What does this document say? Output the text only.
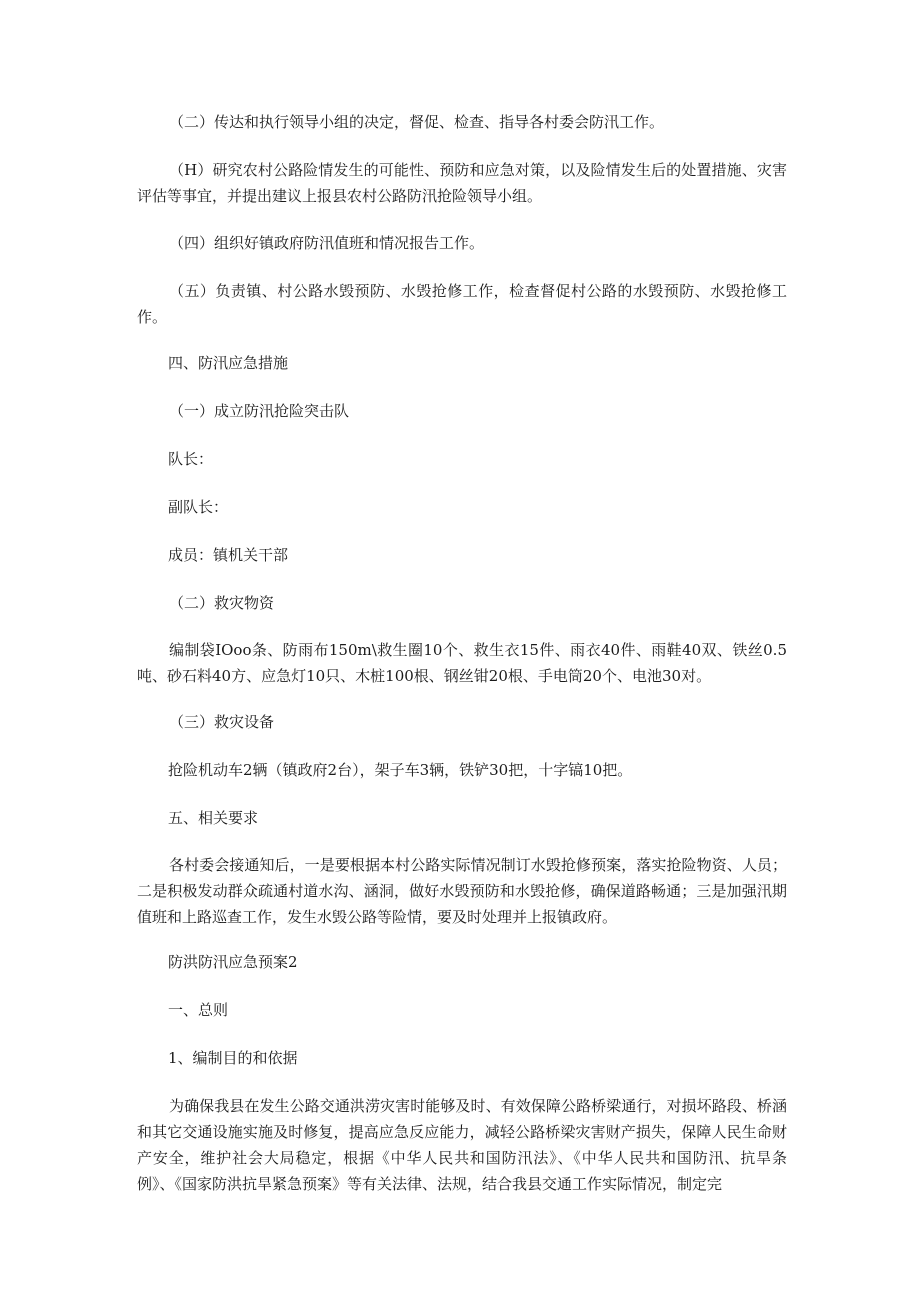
（二）传达和执行领导小组的决定，督促、检查、指导各村委会防汛工作。

（H）研究农村公路险情发生的可能性、预防和应急对策，以及险情发生后的处置措施、灾害评估等事宜，并提出建议上报县农村公路防汛抢险领导小组。

（四）组织好镇政府防汛值班和情况报告工作。

（五）负责镇、村公路水毁预防、水毁抢修工作，检查督促村公路的水毁预防、水毁抢修工作。

四、防汛应急措施

（一）成立防汛抢险突击队

队长：

副队长：

成员：镇机关干部

（二）救灾物资

编制袋IOoo条、防雨布150m\救生圈10个、救生衣15件、雨衣40件、雨鞋40双、铁丝0.5吨、砂石料40方、应急灯10只、木桩100根、钢丝钳20根、手电筒20个、电池30对。

（三）救灾设备

抢险机动车2辆（镇政府2台），架子车3辆，铁铲30把，十字镐10把。

五、相关要求

各村委会接通知后，一是要根据本村公路实际情况制订水毁抢修预案，落实抢险物资、人员；二是积极发动群众疏通村道水沟、涵洞，做好水毁预防和水毁抢修，确保道路畅通；三是加强汛期值班和上路巡查工作，发生水毁公路等险情，要及时处理并上报镇政府。

防洪防汛应急预案2

一、总则

1、编制目的和依据

为确保我县在发生公路交通洪涝灾害时能够及时、有效保障公路桥梁通行，对损坏路段、桥涵和其它交通设施实施及时修复，提高应急反应能力，减轻公路桥梁灾害财产损失，保障人民生命财产安全，维护社会大局稳定，根据《中华人民共和国防汛法》、《中华人民共和国防汛、抗旱条例》、《国家防洪抗旱紧急预案》等有关法律、法规，结合我县交通工作实际情况，制定完
